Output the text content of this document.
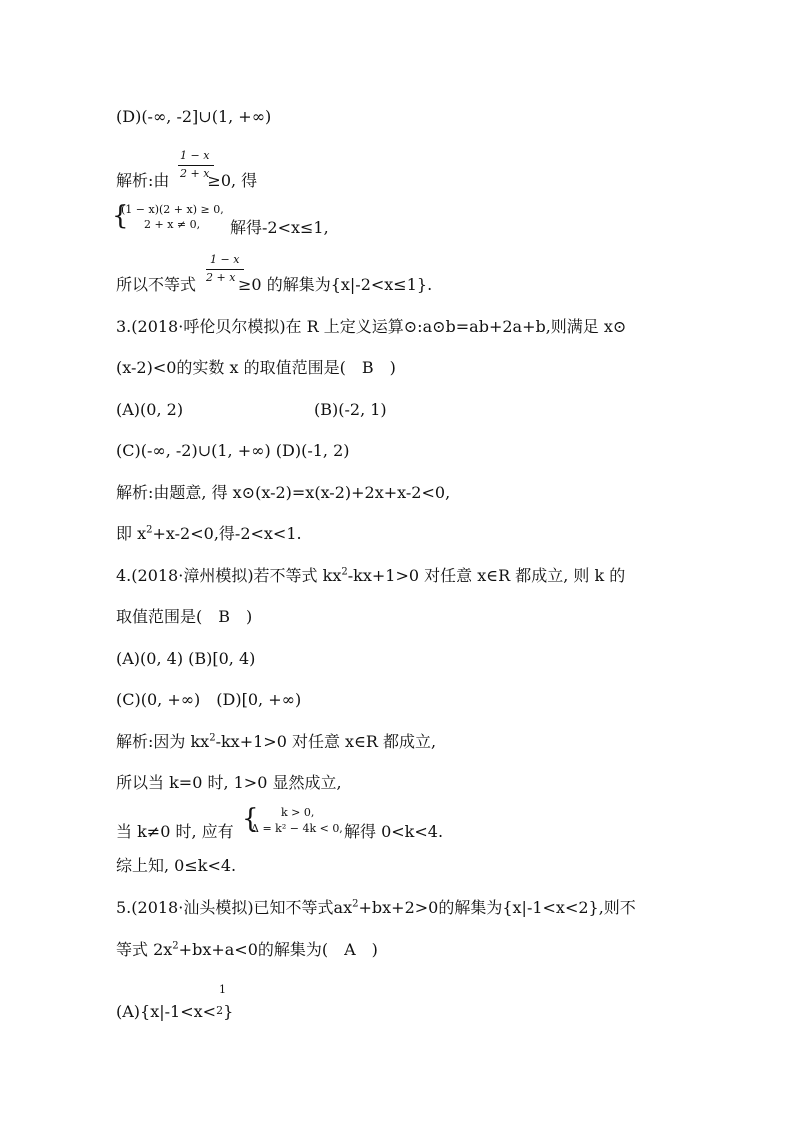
(D)(-∞, -2]∪(1, +∞)
1 − x
2 + x
解析:由 ≥0, 得
{
(1 − x)(2 + x) ≥ 0,
2 + x ≠ 0, 解得-2<x≤1,
1 − x
2 + x
所以不等式	≥0 的解集为{x|-2<x≤1}.
3.(2018·呼伦贝尔模拟)在 R 上定义运算⊙:a⊙b=ab+2a+b,则满足 x⊙
(x-2)<0的实数 x 的取值范围是(　B　)
(A)(0, 2)	(B)(-2, 1)
(C)(-∞, -2)∪(1, +∞) (D)(-1, 2)
解析:由题意, 得 x⊙(x-2)=x(x-2)+2x+x-2<0,
即 $x^2+x-2<0$,得-2<x<1.
4.(2018·漳州模拟)若不等式 $kx^2-kx+1>0$ 对任意 x∈R 都成立, 则 k 的
取值范围是(　B　)
(A)(0, 4) (B)[0, 4)
(C)(0, +∞)　(D)[0, +∞)
解析:因为 $kx^2-kx+1>0$ 对任意 x∈R 都成立,
所以当 k=0 时, 1>0 显然成立,
当 k≠0 时, 应有 { k > 0,
Δ = k² − 4k < 0, 解得 0<k<4.
综上知, 0≤k<4.
5.(2018·汕头模拟)已知不等式$ax^2+bx+2>0$的解集为{x|-1<x<2},则不
等式 $2x^2+bx+a<0$的解集为(　A　)
1
(A){x|-1<x<2}
